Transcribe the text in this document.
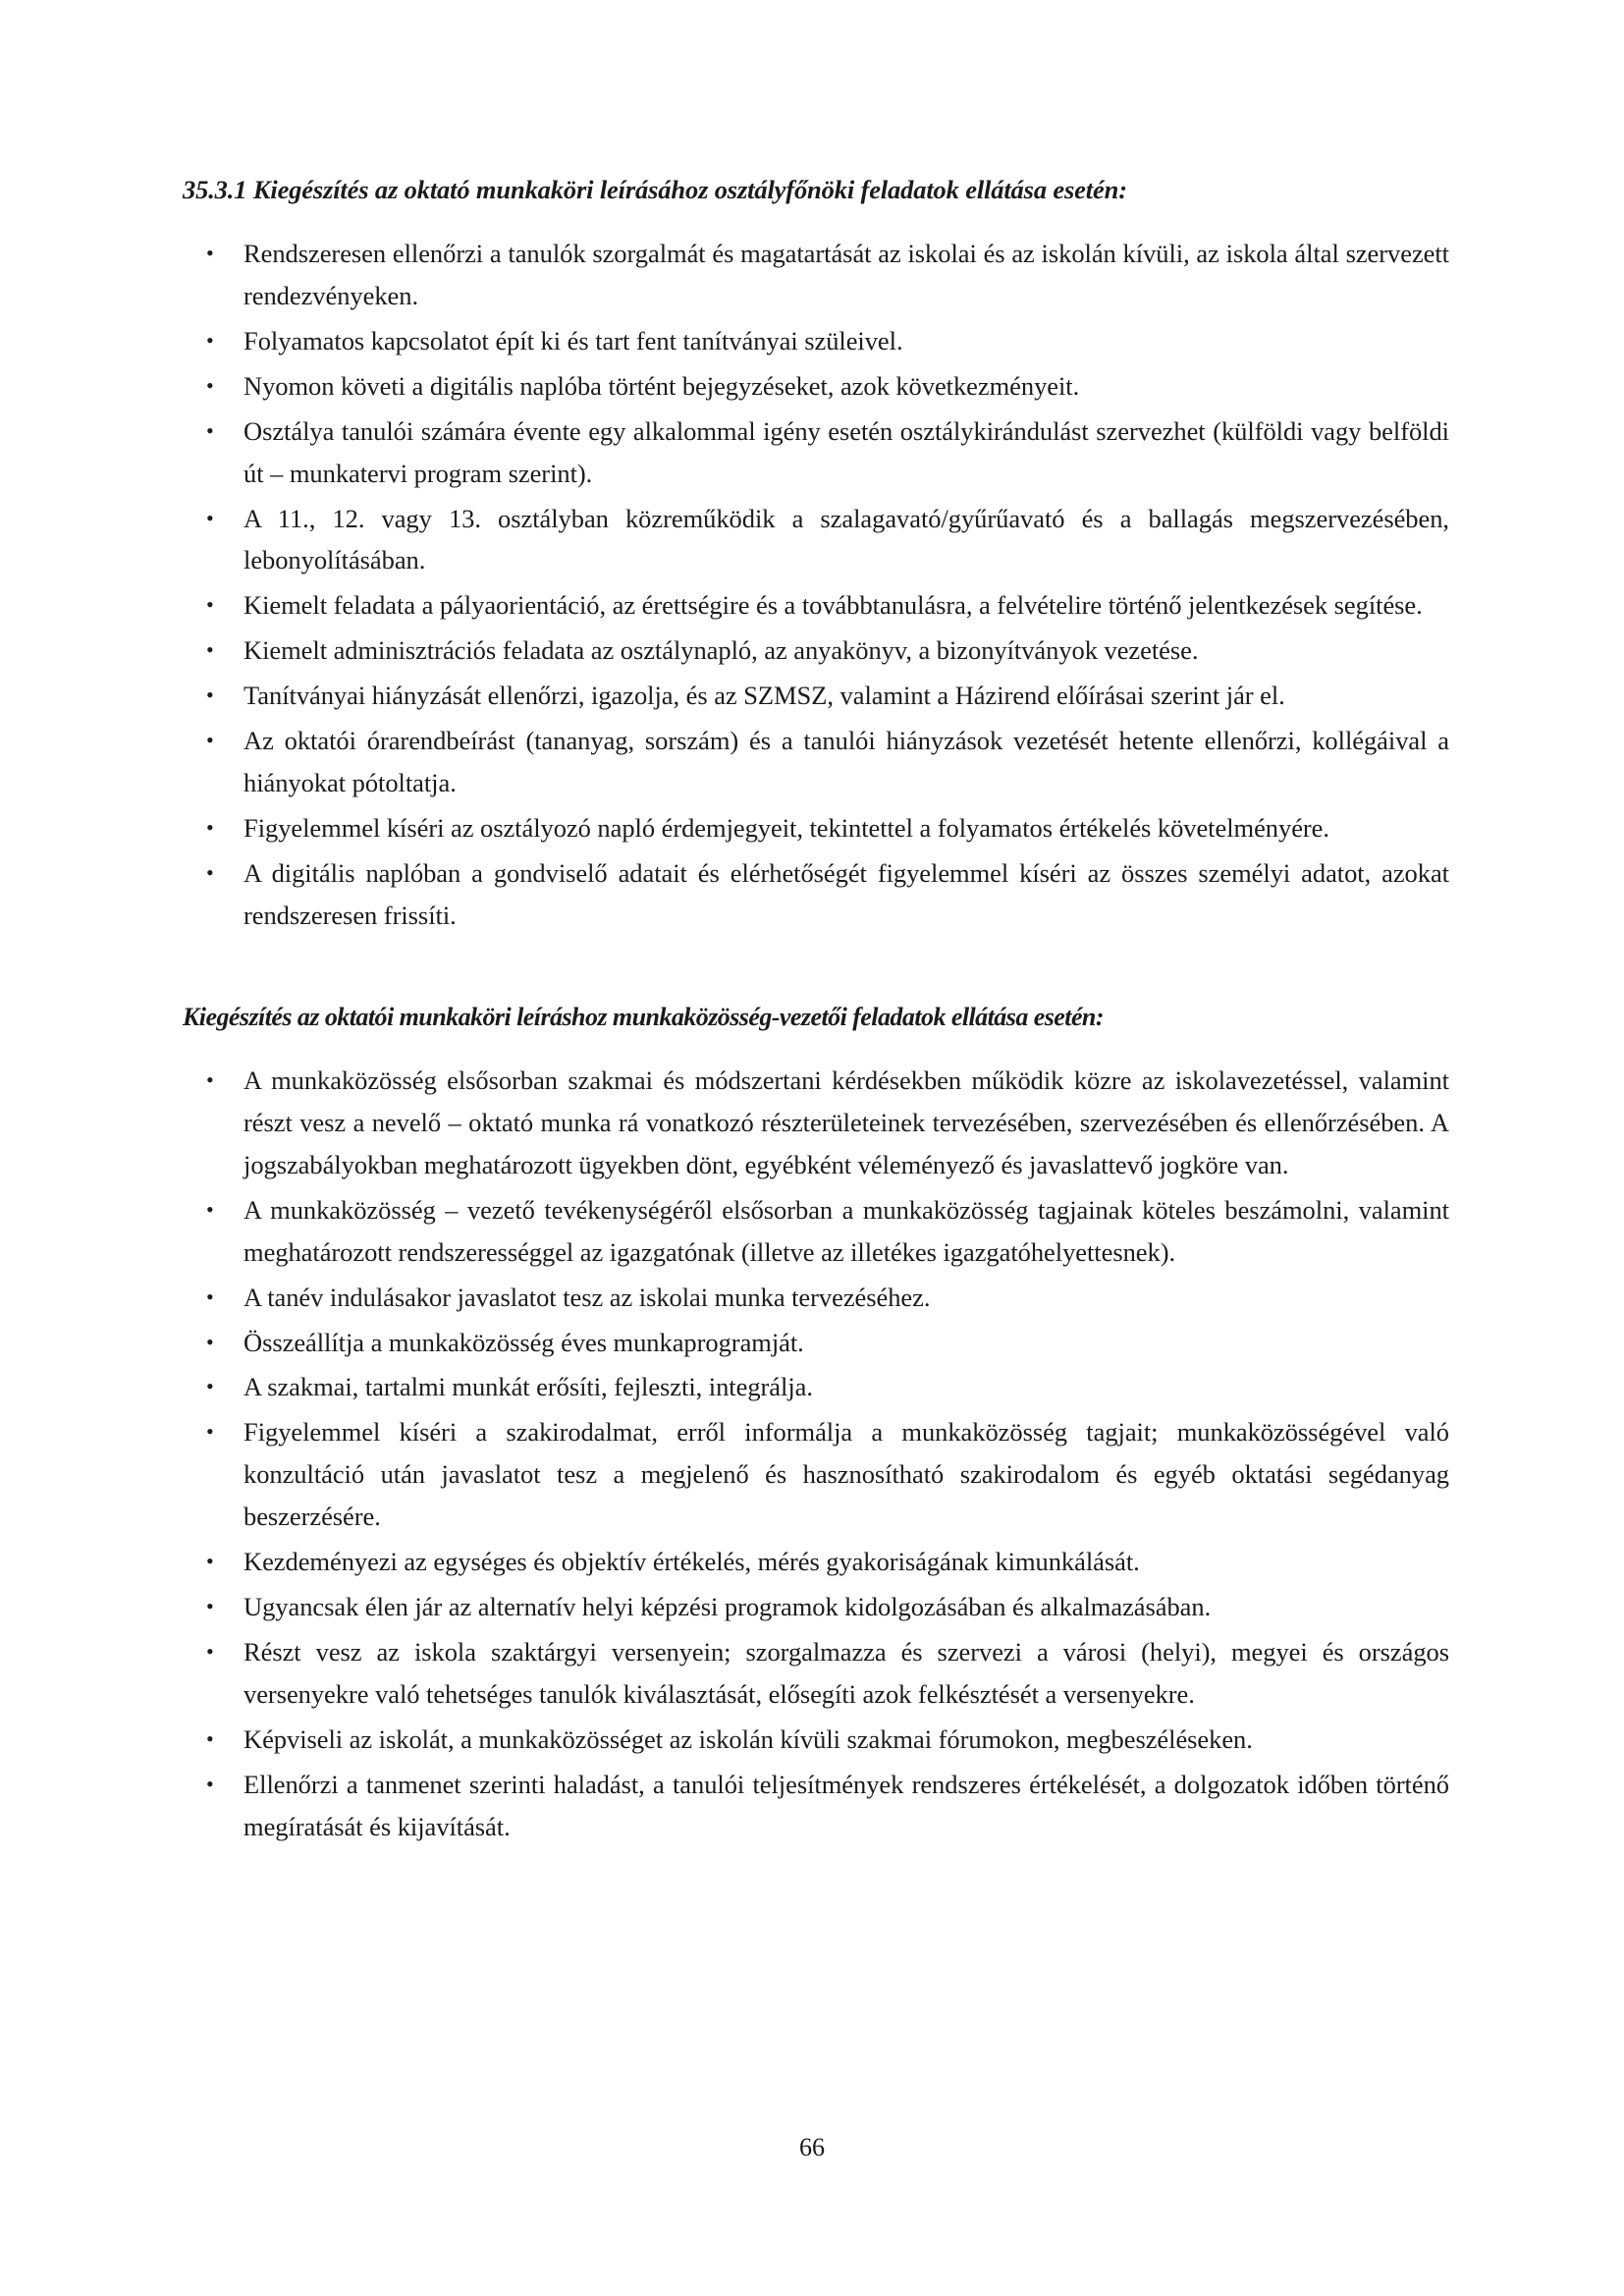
35.3.1 Kiegészítés az oktató munkaköri leírásához osztályfőnöki feladatok ellátása esetén:
• Rendszeresen ellenőrzi a tanulók szorgalmát és magatartását az iskolai és az iskolán kívüli, az iskola által szervezett rendezvényeken.
• Folyamatos kapcsolatot épít ki és tart fent tanítványai szüleivel.
• Nyomon követi a digitális naplóba történt bejegyzéseket, azok következményeit.
• Osztálya tanulói számára évente egy alkalommal igény esetén osztálykirándulást szervezhet (külföldi vagy belföldi út – munkatervi program szerint).
• A 11., 12. vagy 13. osztályban közreműködik a szalagavató/gyűrűavató és a ballagás megszervezésében, lebonyolításában.
• Kiemelt feladata a pályaorientáció, az érettségire és a továbbtanulásra, a felvételire történő jelentkezések segítése.
• Kiemelt adminisztrációs feladata az osztálynapló, az anyakönyv, a bizonyítványok vezetése.
• Tanítványai hiányzását ellenőrzi, igazolja, és az SZMSZ, valamint a Házirend előírásai szerint jár el.
• Az oktatói órarendbeírást (tananyag, sorszám) és a tanulói hiányzások vezetését hetente ellenőrzi, kollégáival a hiányokat pótoltatja.
• Figyelemmel kíséri az osztályozó napló érdemjegyeit, tekintettel a folyamatos értékelés követelményére.
• A digitális naplóban a gondviselő adatait és elérhetőségét figyelemmel kíséri az összes személyi adatot, azokat rendszeresen frissíti.
Kiegészítés az oktatói munkaköri leíráshoz munkaközösség-vezetői feladatok ellátása esetén:
• A munkaközösség elsősorban szakmai és módszertani kérdésekben működik közre az iskolavezetéssel, valamint részt vesz a nevelő – oktató munka rá vonatkozó részterületeinek tervezésében, szervezésében és ellenőrzésében. A jogszabályokban meghatározott ügyekben dönt, egyébként véleményező és javaslattevő jogköre van.
• A munkaközösség – vezető tevékenységéről elsősorban a munkaközösség tagjainak köteles beszámolni, valamint meghatározott rendszerességgel az igazgatónak (illetve az illetékes igazgatóhelyettesnek).
• A tanév indulásakor javaslatot tesz az iskolai munka tervezéséhez.
• Összeállítja a munkaközösség éves munkaprogramját.
• A szakmai, tartalmi munkát erősíti, fejleszti, integrálja.
• Figyelemmel kíséri a szakirodalmat, erről informálja a munkaközösség tagjait; munkaközösségével való konzultáció után javaslatot tesz a megjelenő és hasznosítható szakirodalom és egyéb oktatási segédanyag beszerzésére.
• Kezdeményezi az egységes és objektív értékelés, mérés gyakoriságának kimunkálását.
• Ugyancsak élen jár az alternatív helyi képzési programok kidolgozásában és alkalmazásában.
• Részt vesz az iskola szaktárgyi versenyein; szorgalmazza és szervezi a városi (helyi), megyei és országos versenyekre való tehetséges tanulók kiválasztását, elősegíti azok felkésztését a versenyekre.
• Képviseli az iskolát, a munkaközösséget az iskolán kívüli szakmai fórumokon, megbeszéléseken.
• Ellenőrzi a tanmenet szerinti haladást, a tanulói teljesítmények rendszeres értékelését, a dolgozatok időben történő megíratását és kijavítását.
66
